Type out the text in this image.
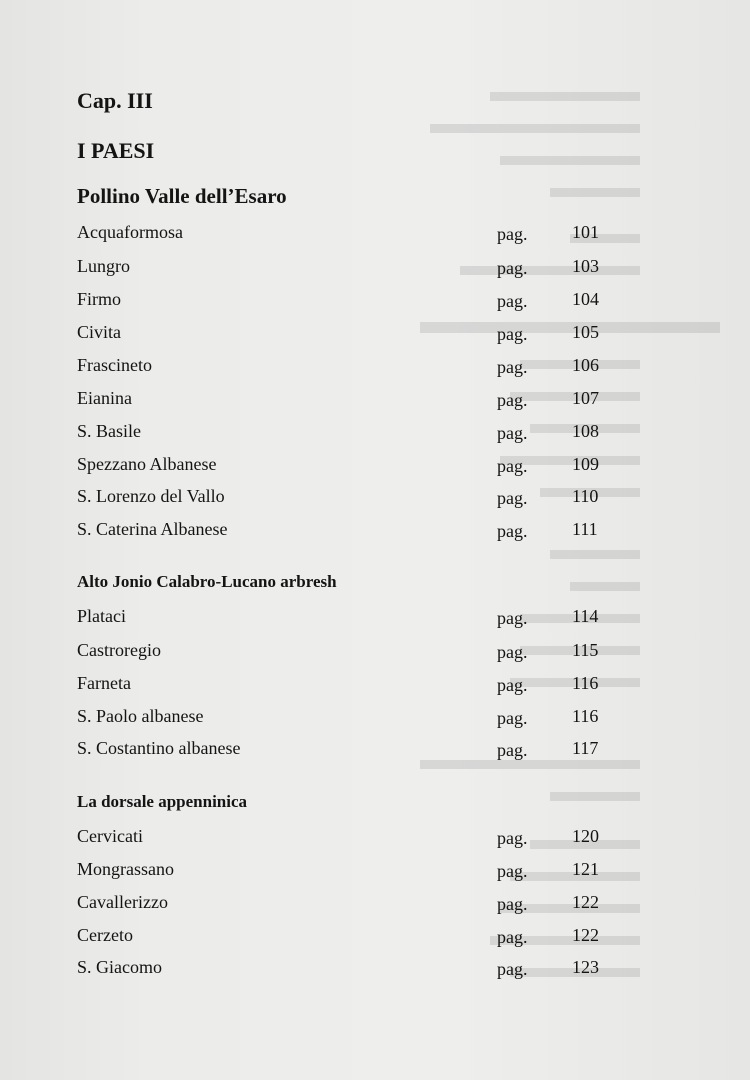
Cap. III
I PAESI
Pollino Valle dell’Esaro
Acquaformosa	pag. 101
Lungro	pag. 103
Firmo	pag. 104
Civita	pag. 105
Frascineto	pag. 106
Eianina	pag. 107
S. Basile	pag. 108
Spezzano Albanese	pag. 109
S. Lorenzo del Vallo	pag. 110
S. Caterina Albanese	pag. 111
Alto Jonio Calabro-Lucano arbresh
Plataci	pag. 114
Castroregio	pag. 115
Farneta	pag. 116
S. Paolo albanese	pag. 116
S. Costantino albanese	pag. 117
La dorsale appenninica
Cervicati	pag. 120
Mongrassano	pag. 121
Cavallerizzo	pag. 122
Cerzeto	pag. 122
S. Giacomo	pag. 123
